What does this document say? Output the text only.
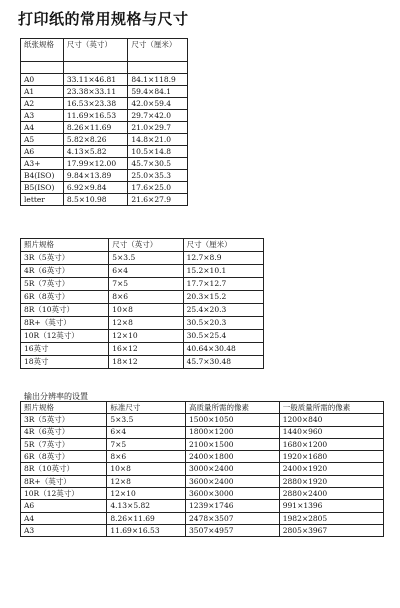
打印纸的常用规格与尺寸
纸张规格	尺寸（英寸）	尺寸（厘米）

A0	33.11×46.81	84.1×118.9
A1	23.38×33.11	59.4×84.1
A2	16.53×23.38	42.0×59.4
A3	11.69×16.53	29.7×42.0
A4	8.26×11.69	21.0×29.7
A5	5.82×8.26	14.8×21.0
A6	4.13×5.82	10.5×14.8
A3+	17.99×12.00	45.7×30.5
B4(ISO)	9.84×13.89	25.0×35.3
B5(ISO)	6.92×9.84	17.6×25.0
letter	8.5×10.98	21.6×27.9
照片规格	尺寸（英寸）	尺寸（厘米）
3R（5英寸）	5×3.5	12.7×8.9
4R（6英寸）	6×4	15.2×10.1
5R（7英寸）	7×5	17.7×12.7
6R（8英寸）	8×6	20.3×15.2
8R（10英寸）	10×8	25.4×20.3
8R+（英寸）	12×8	30.5×20.3
10R（12英寸）	12×10	30.5×25.4
16英寸	16×12	40.64×30.48
18英寸	18×12	45.7×30.48
输出分辨率的设置
照片规格	标准尺寸	高质量所需的像素	一般质量所需的像素
3R（5英寸）	5×3.5	1500×1050	1200×840
4R（6英寸）	6×4	1800×1200	1440×960
5R（7英寸）	7×5	2100×1500	1680×1200
6R（8英寸）	8×6	2400×1800	1920×1680
8R（10英寸）	10×8	3000×2400	2400×1920
8R+（英寸）	12×8	3600×2400	2880×1920
10R（12英寸）	12×10	3600×3000	2880×2400
A6	4.13×5.82	1239×1746	991×1396
A4	8.26×11.69	2478×3507	1982×2805
A3	11.69×16.53	3507×4957	2805×3967
